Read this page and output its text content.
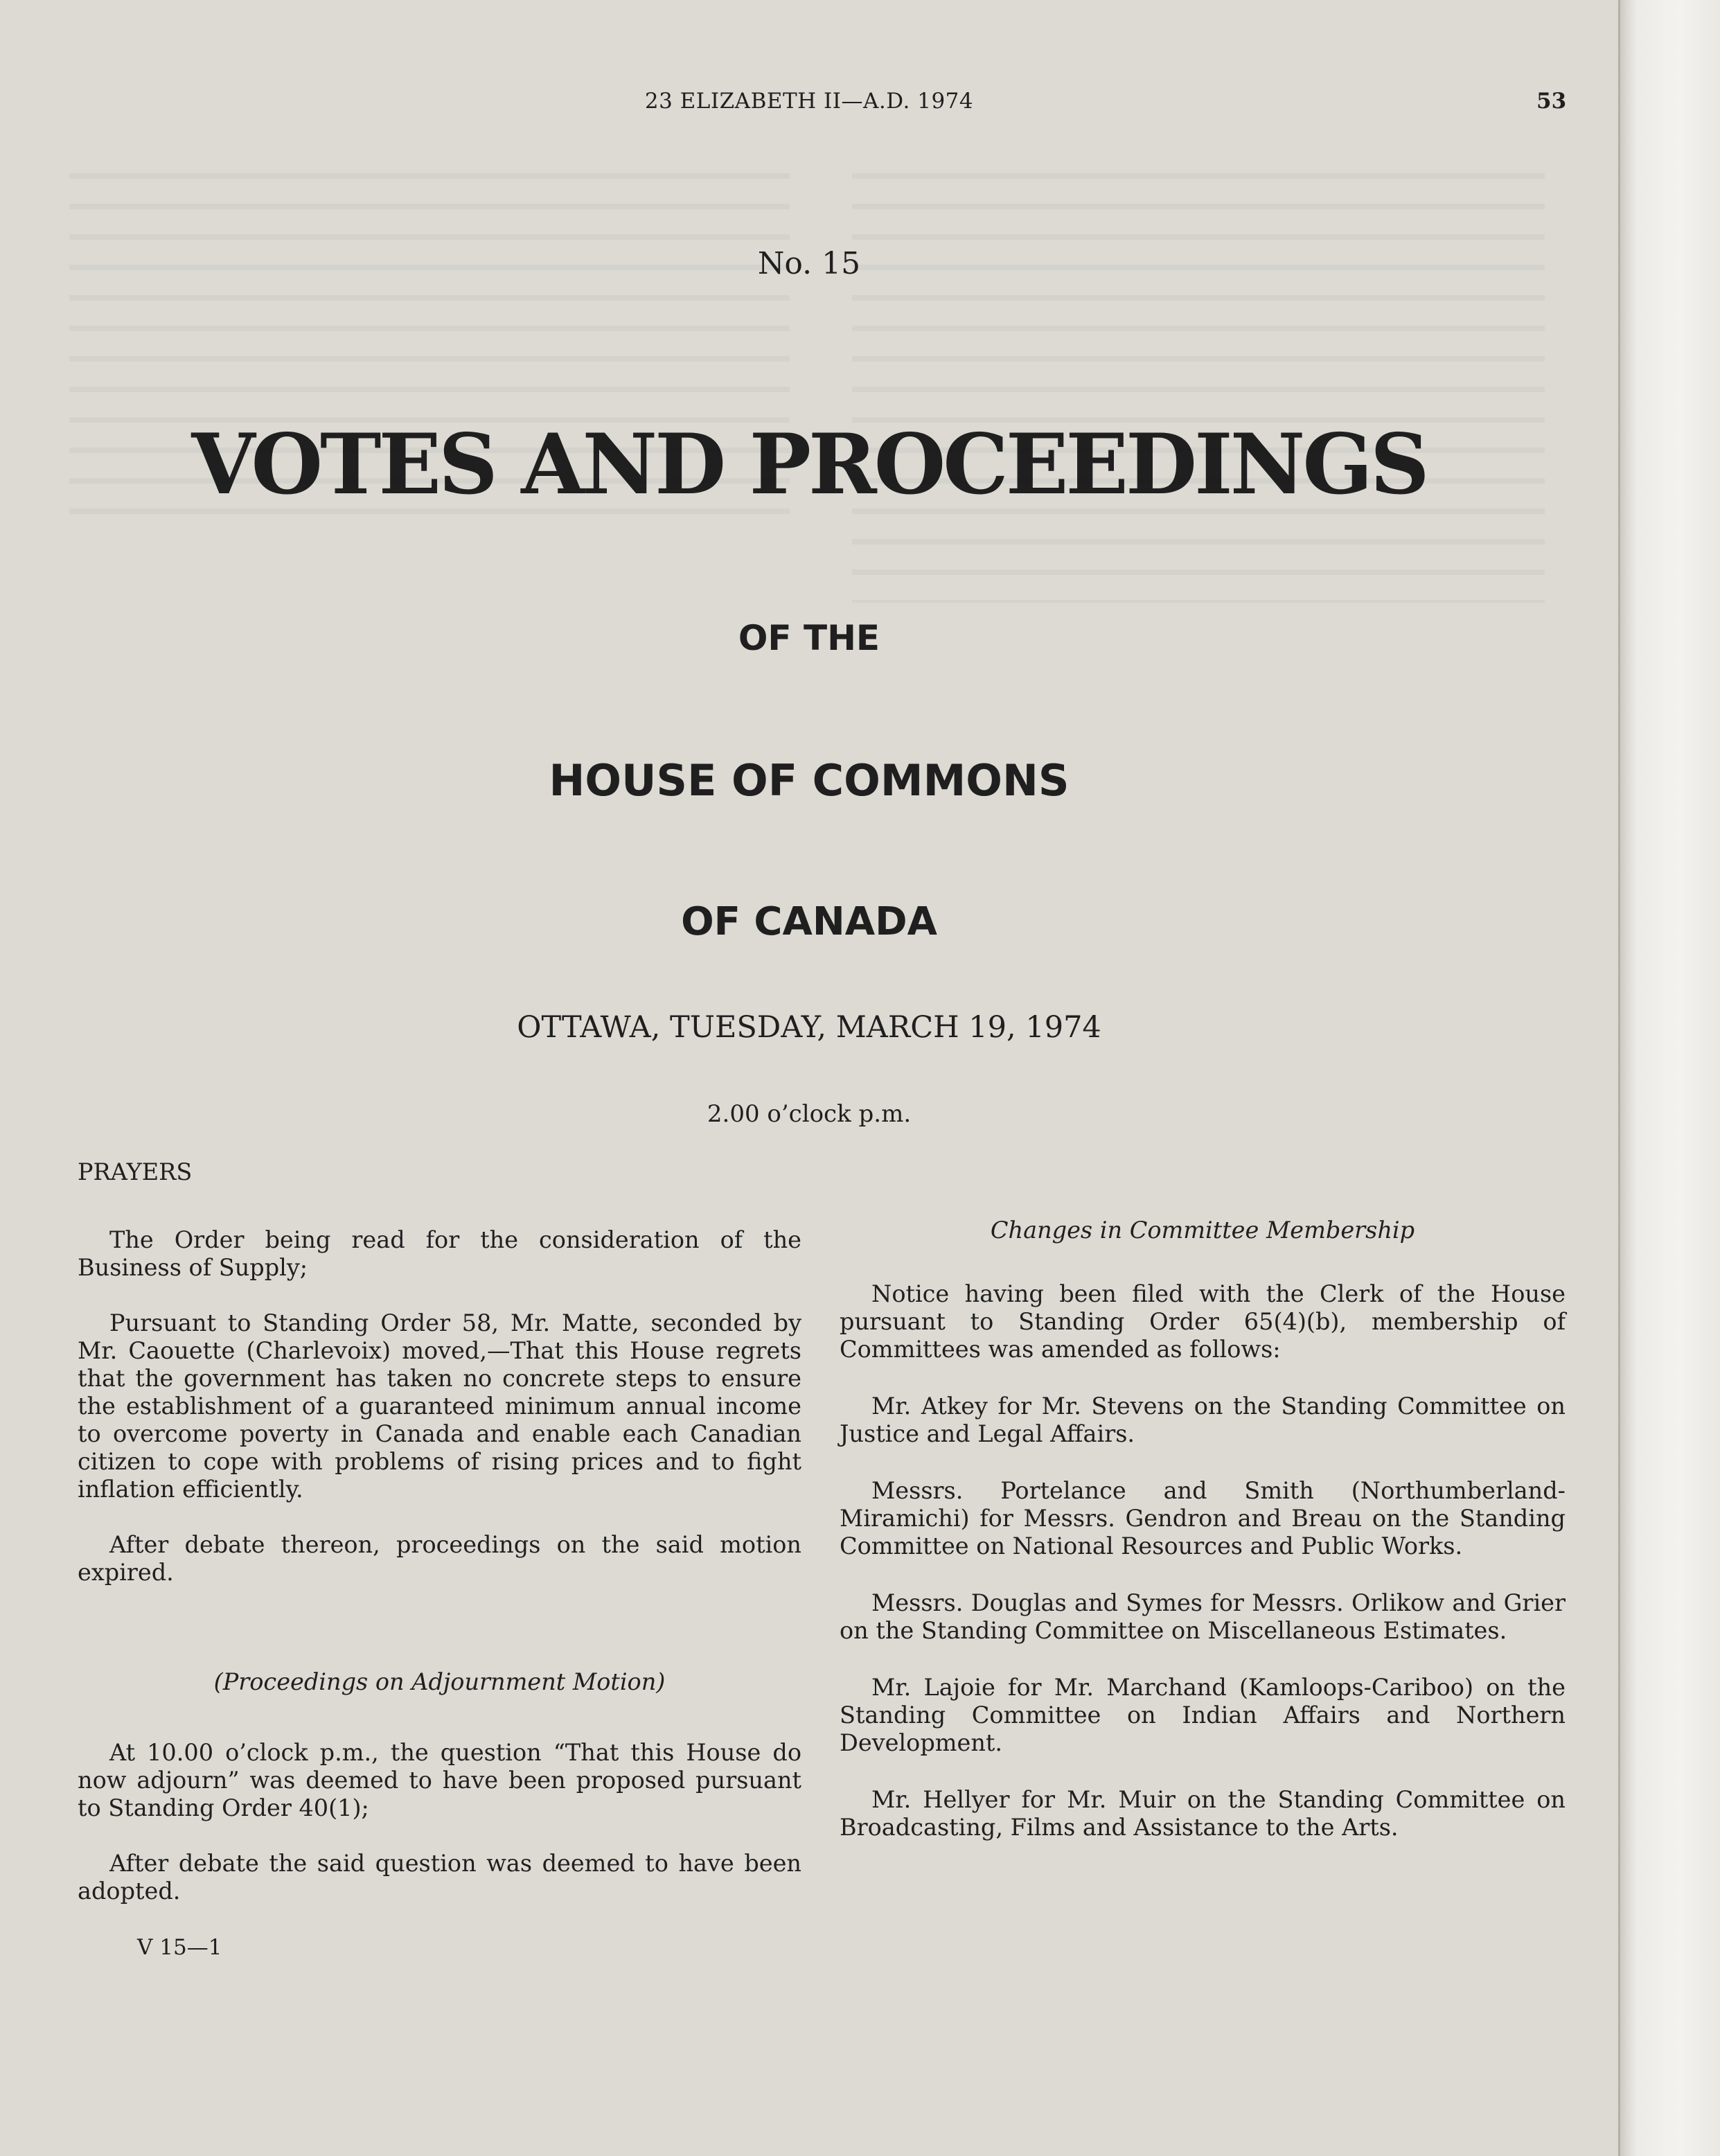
23 ELIZABETH II—A.D. 1974	53

No. 15

VOTES AND PROCEEDINGS

OF THE

HOUSE OF COMMONS

OF CANADA

OTTAWA, TUESDAY, MARCH 19, 1974

2.00 o’clock p.m.

PRAYERS

The Order being read for the consideration of the Business of Supply;

Pursuant to Standing Order 58, Mr. Matte, seconded by Mr. Caouette (Charlevoix) moved,—That this House regrets that the government has taken no concrete steps to ensure the establishment of a guaranteed minimum annual income to overcome poverty in Canada and enable each Canadian citizen to cope with problems of rising prices and to fight inflation efficiently.

After debate thereon, proceedings on the said motion expired.

(Proceedings on Adjournment Motion)

At 10.00 o’clock p.m., the question “That this House do now adjourn” was deemed to have been proposed pursuant to Standing Order 40(1);

After debate the said question was deemed to have been adopted.

V 15—1

Changes in Committee Membership

Notice having been filed with the Clerk of the House pursuant to Standing Order 65(4)(b), membership of Committees was amended as follows:

Mr. Atkey for Mr. Stevens on the Standing Committee on Justice and Legal Affairs.

Messrs. Portelance and Smith (Northumberland-Miramichi) for Messrs. Gendron and Breau on the Standing Committee on National Resources and Public Works.

Messrs. Douglas and Symes for Messrs. Orlikow and Grier on the Standing Committee on Miscellaneous Estimates.

Mr. Lajoie for Mr. Marchand (Kamloops-Cariboo) on the Standing Committee on Indian Affairs and Northern Development.

Mr. Hellyer for Mr. Muir on the Standing Committee on Broadcasting, Films and Assistance to the Arts.
